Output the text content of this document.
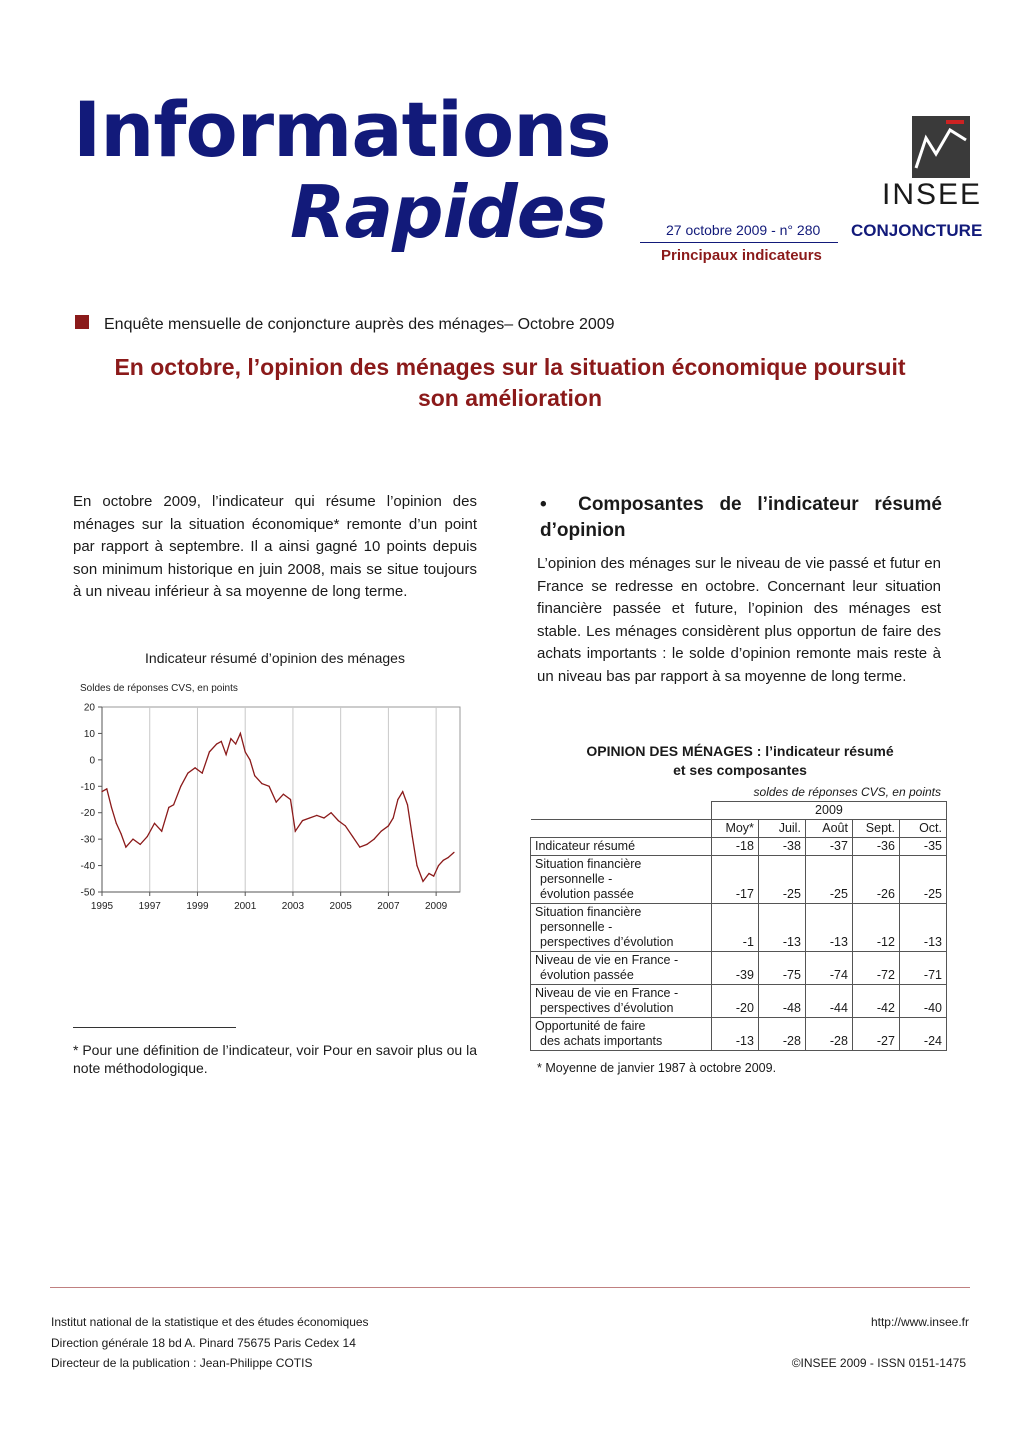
Informations
Rapides	27 octobre 2009 - n° 280
Principaux indicateurs
INSEE
CONJONCTURE
Enquête mensuelle de conjoncture auprès des ménages– Octobre 2009
En octobre, l’opinion des ménages sur la situation économique poursuit son amélioration
En octobre 2009, l’indicateur qui résume l’opinion des ménages sur la situation économique* remonte d’un point par rapport à septembre. Il a ainsi gagné 10 points depuis son minimum historique en juin 2008, mais se situe toujours à un niveau inférieur à sa moyenne de long terme.
Indicateur résumé d’opinion des ménages
Soldes de réponses CVS, en points
1995	1997	1999	2001	2003	2005	2007	2009
20
10
0
-10
-20
-30
-40
-50
* Pour une définition de l’indicateur, voir Pour en savoir plus ou la note méthodologique.
•  Composantes de l’indicateur résumé d’opinion
L’opinion des ménages sur le niveau de vie passé et futur en France se redresse en octobre. Concernant leur situation financière passée et future, l’opinion des ménages est stable. Les ménages considèrent plus opportun de faire des achats importants : le solde d’opinion remonte mais reste à un niveau bas par rapport à sa moyenne de long terme.
OPINION DES MÉNAGES : l’indicateur résumé
et ses composantes
soldes de réponses CVS, en points
	2009				
	Moy*	Juil.	Août	Sept.	Oct.

Indicateur résumé	-18	-38	-37	-36	-35

Situation financière
personnelle -
évolution passée	-17	-25	-25	-26	-25

Situation financière
personnelle -
perspectives d’évolution	-1	-13	-13	-12	-13

Niveau de vie en France -
évolution passée	-39	-75	-74	-72	-71

Niveau de vie en France -
perspectives d’évolution	-20	-48	-44	-42	-40

Opportunité de faire
des achats importants	-13	-28	-28	-27	-24
* Moyenne de janvier 1987 à octobre 2009.
Institut national de la statistique et des études économiques
Direction générale 18 bd A. Pinard 75675 Paris Cedex 14
Directeur de la publication : Jean-Philippe COTIS
http://www.insee.fr
©INSEE 2009 - ISSN 0151-1475
